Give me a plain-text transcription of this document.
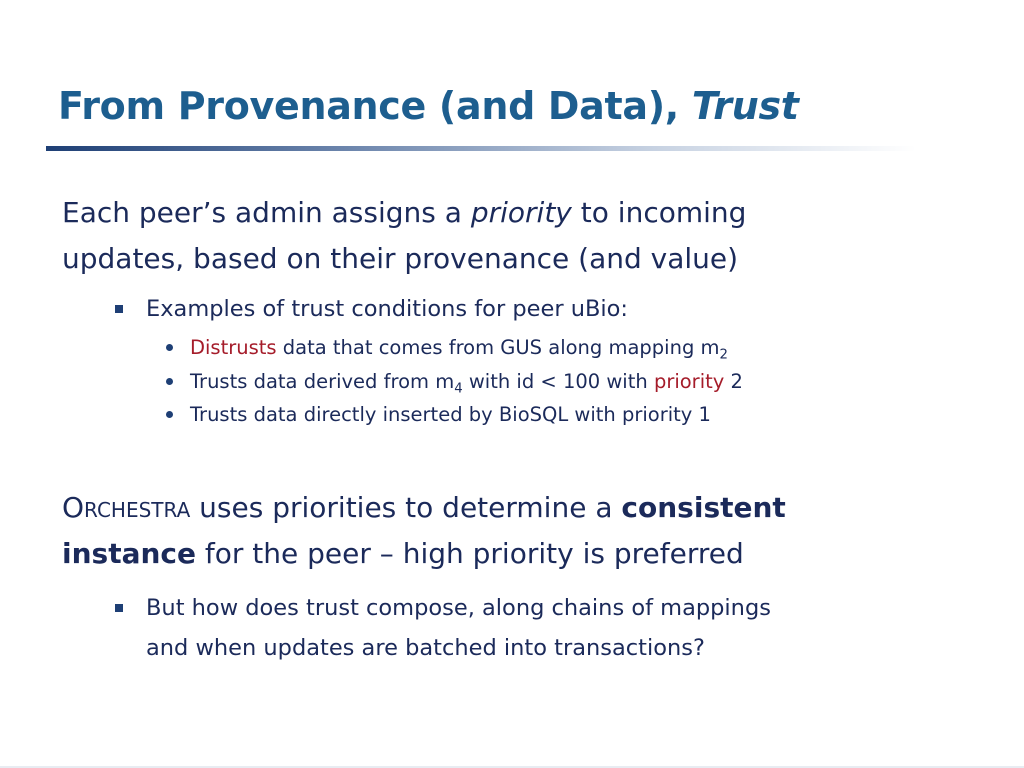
From Provenance (and Data), Trust
Each peer’s admin assigns a priority to incoming
updates, based on their provenance (and value)
Examples of trust conditions for peer uBio:
Distrusts data that comes from GUS along mapping $m_2$
Trusts data derived from $m_4$ with id < 100 with priority 2
Trusts data directly inserted by BioSQL with priority 1
Orchestra uses priorities to determine a consistent
instance for the peer – high priority is preferred
But how does trust compose, along chains of mappings
and when updates are batched into transactions?
